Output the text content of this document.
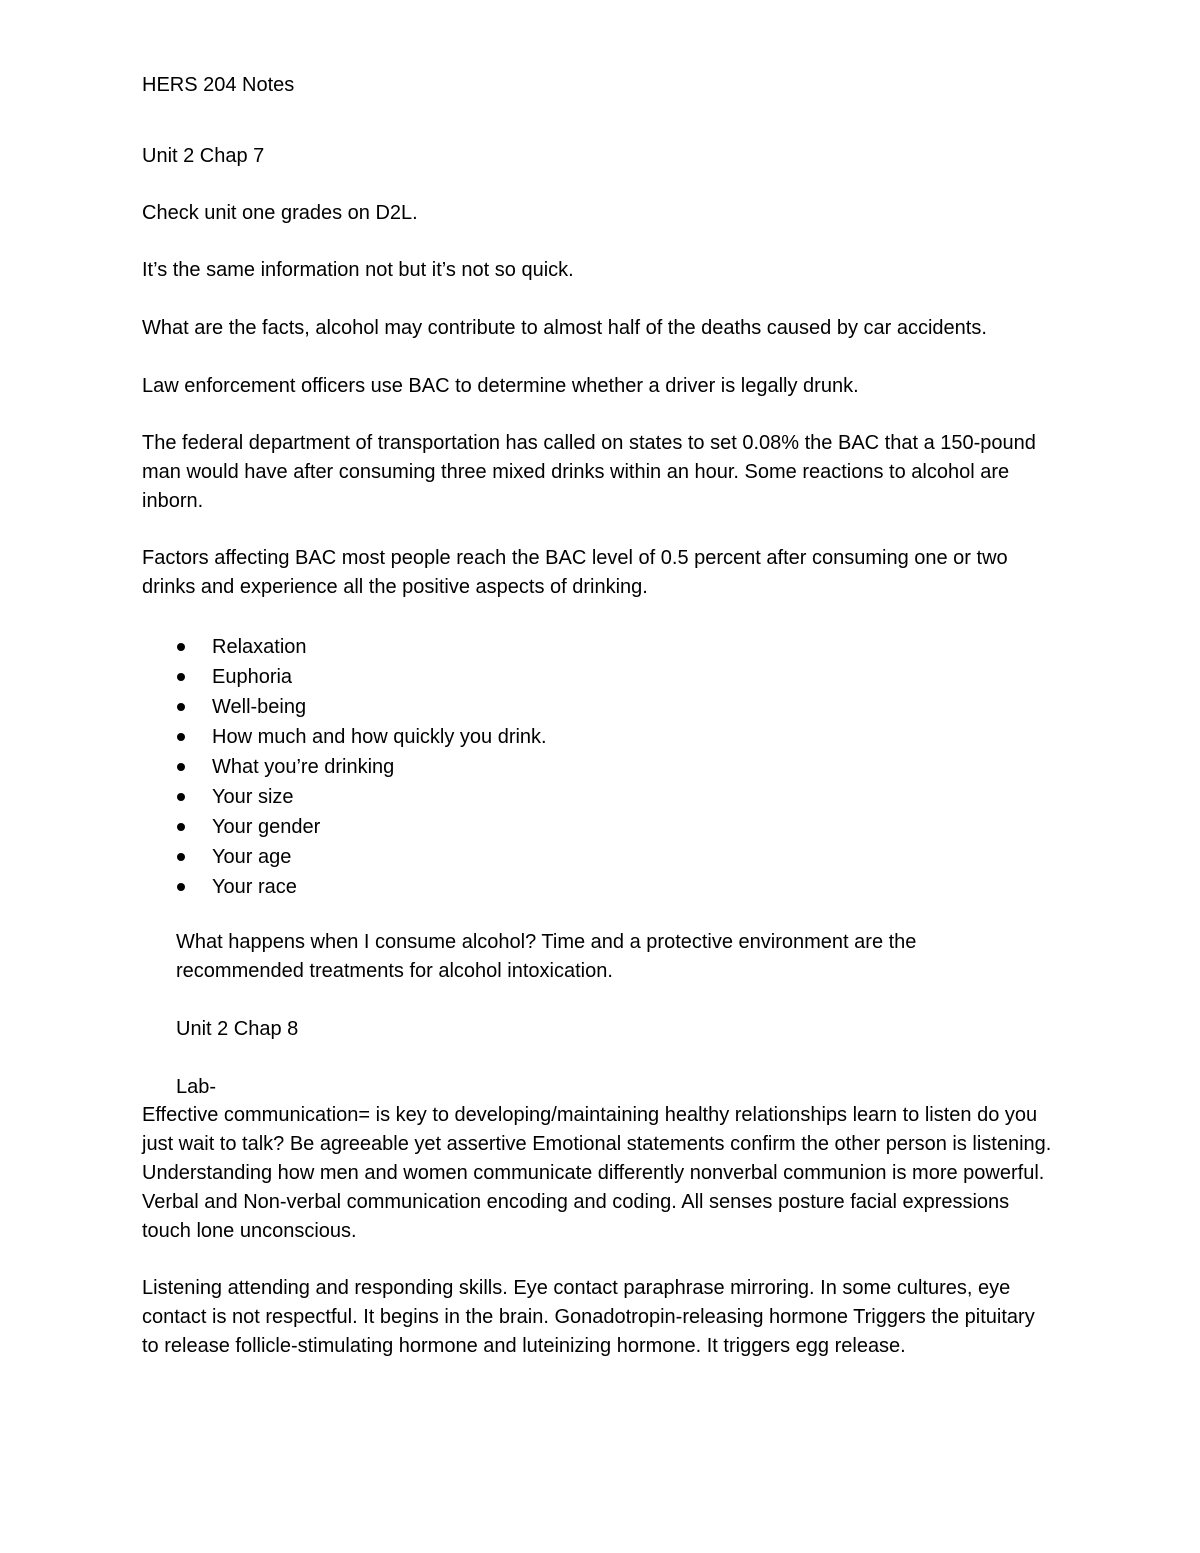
HERS 204 Notes

Unit 2 Chap 7

Check unit one grades on D2L.

It’s the same information not but it’s not so quick.

What are the facts, alcohol may contribute to almost half of the deaths caused by car accidents.

Law enforcement officers use BAC to determine whether a driver is legally drunk.

The federal department of transportation has called on states to set 0.08% the BAC that a 150-pound man would have after consuming three mixed drinks within an hour. Some reactions to alcohol are inborn.

Factors affecting BAC most people reach the BAC level of 0.5 percent after consuming one or two drinks and experience all the positive aspects of drinking.

Relaxation
Euphoria
Well-being
How much and how quickly you drink.
What you’re drinking
Your size
Your gender
Your age
Your race

What happens when I consume alcohol? Time and a protective environment are the recommended treatments for alcohol intoxication.

Unit 2 Chap 8

Lab-

Effective communication= is key to developing/maintaining healthy relationships learn to listen do you just wait to talk? Be agreeable yet assertive Emotional statements confirm the other person is listening. Understanding how men and women communicate differently nonverbal communion is more powerful. Verbal and Non-verbal communication encoding and coding. All senses posture facial expressions touch lone unconscious.

Listening attending and responding skills. Eye contact paraphrase mirroring. In some cultures, eye contact is not respectful. It begins in the brain. Gonadotropin-releasing hormone Triggers the pituitary to release follicle-stimulating hormone and luteinizing hormone. It triggers egg release.
